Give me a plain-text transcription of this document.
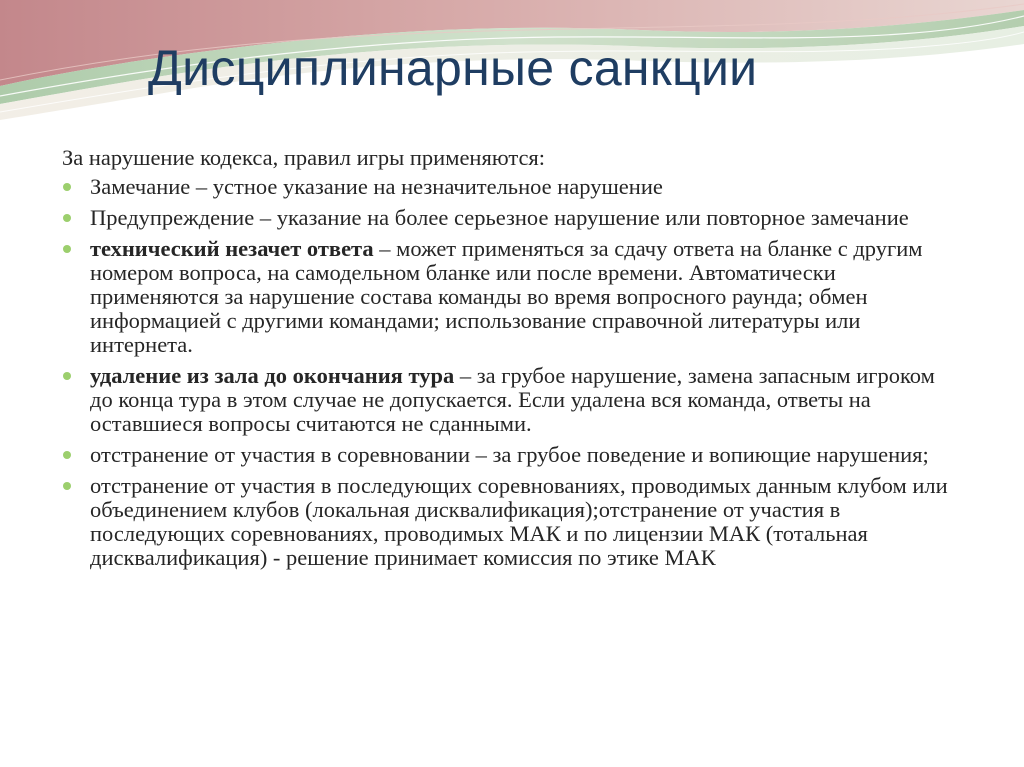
Дисциплинарные санкции

За нарушение кодекса, правил игры применяются:

Замечание – устное указание на незначительное нарушение
Предупреждение – указание на более серьезное нарушение или повторное замечание
технический незачет ответа – может применяться за сдачу ответа на бланке с другим номером вопроса, на самодельном бланке или после времени. Автоматически применяются за нарушение состава команды во время вопросного раунда; обмен информацией с другими командами; использование справочной литературы или интернета.
удаление из зала до окончания тура – за грубое нарушение, замена запасным игроком до конца тура в этом случае не допускается. Если удалена вся команда, ответы на оставшиеся вопросы считаются не сданными.
отстранение от участия в соревновании – за грубое поведение и вопиющие нарушения;
отстранение от участия в последующих соревнованиях, проводимых данным клубом или объединением клубов (локальная дисквалификация);отстранение от участия в последующих соревнованиях, проводимых МАК и по лицензии МАК (тотальная дисквалификация) - решение принимает комиссия по этике МАК
